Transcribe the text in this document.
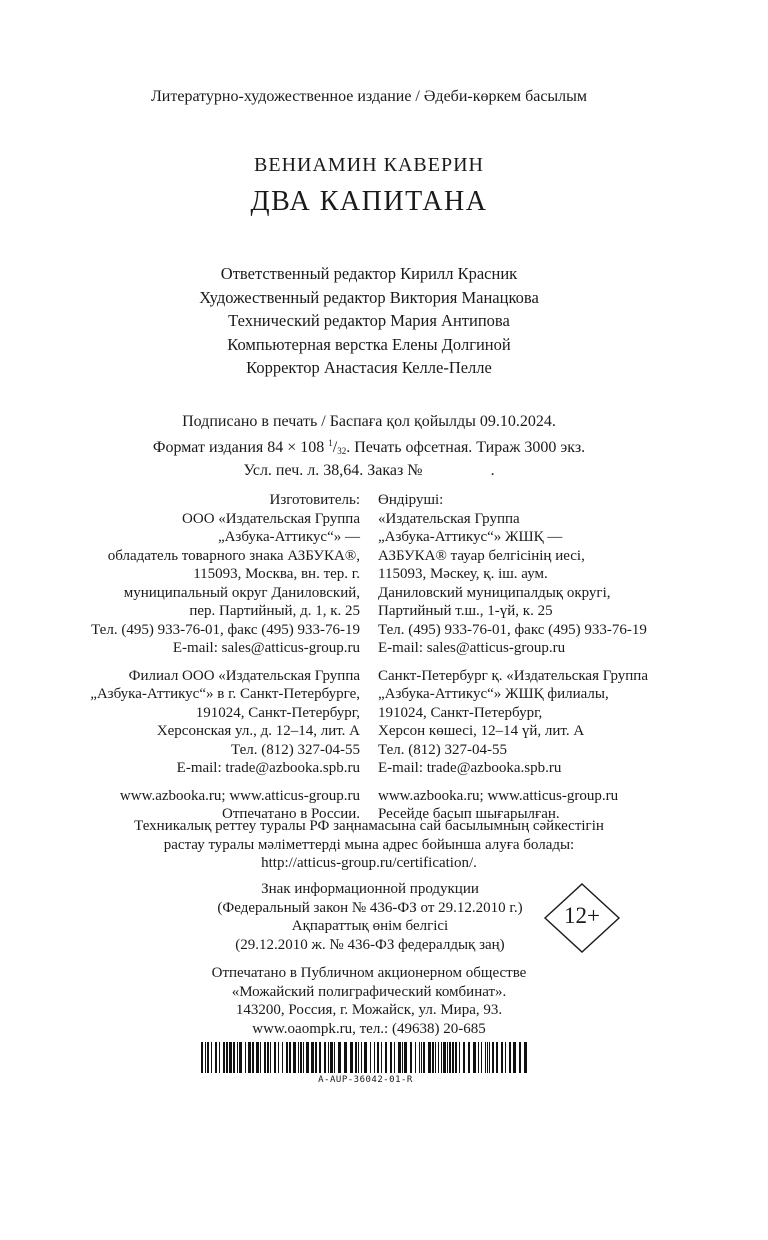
Литературно-художественное издание / Әдеби-көркем басылым
ВЕНИАМИН КАВЕРИН
ДВА КАПИТАНА
Ответственный редактор Кирилл Красник
Художественный редактор Виктория Манацкова
Технический редактор Мария Антипова
Компьютерная верстка Елены Долгиной
Корректор Анастасия Келле-Пелле
Подписано в печать / Баспаға қол қойылды 09.10.2024.
Формат издания 84 × 108 $^1/_{32}$. Печать офсетная. Тираж 3000 экз.
Усл. печ. л. 38,64. Заказ №                 .
Изготовитель:
ООО «Издательская Группа
„Азбука-Аттикус“» —
обладатель товарного знака АЗБУКА®,
115093, Москва, вн. тер. г.
муниципальный округ Даниловский,
пер. Партийный, д. 1, к. 25
Тел. (495) 933-76-01, факс (495) 933-76-19
E-mail: sales@atticus-group.ru
Филиал ООО «Издательская Группа
„Азбука-Аттикус“» в г. Санкт-Петербурге,
191024, Санкт-Петербург,
Херсонская ул., д. 12–14, лит. А
Тел. (812) 327-04-55
E-mail: trade@azbooka.spb.ru
www.azbooka.ru; www.atticus-group.ru
Отпечатано в России.
Өндіруші:
«Издательская Группа
„Азбука-Аттикус“» ЖШҚ —
АЗБУКА® тауар белгісінің иесі,
115093, Мәскеу, қ. іш. аум.
Даниловский муниципалдық округі,
Партийный т.ш., 1-үй, к. 25
Тел. (495) 933-76-01, факс (495) 933-76-19
E-mail: sales@atticus-group.ru
Санкт-Петербург қ. «Издательская Группа
„Азбука-Аттикус“» ЖШҚ филиалы,
191024, Санкт-Петербург,
Херсон көшесі, 12–14 үй, лит. А
Тел. (812) 327-04-55
E-mail: trade@azbooka.spb.ru
www.azbooka.ru; www.atticus-group.ru
Ресейде басып шығарылған.
Техникалық реттеу туралы РФ заңнамасына сай басылымның сәйкестігін
растау туралы мәліметтерді мына адрес бойынша алуға болады:
http://atticus-group.ru/certification/.
Знак информационной продукции
(Федеральный закон № 436-ФЗ от 29.12.2010 г.)
Ақпараттық өнім белгісі
(29.12.2010 ж. № 436-ФЗ федералдық заң)
12+
Отпечатано в Публичном акционерном обществе
«Можайский полиграфический комбинат».
143200, Россия, г. Можайск, ул. Мира, 93.
www.oaompk.ru, тел.: (49638) 20-685
A-AUP-36042-01-R
